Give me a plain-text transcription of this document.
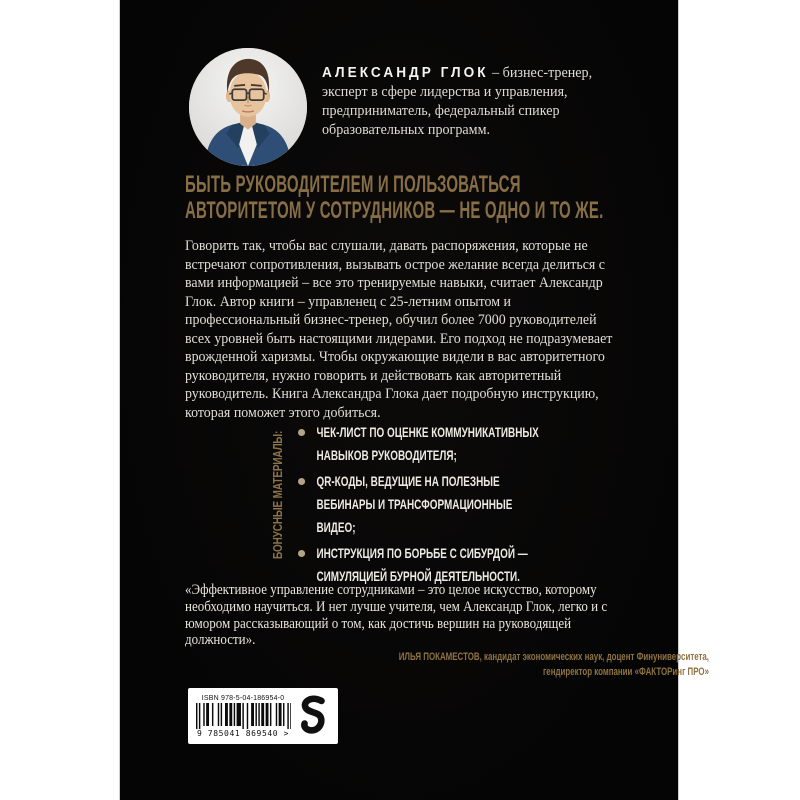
АЛЕКСАНДР ГЛОК – бизнес-тренер, эксперт в сфере лидерства и управления, предприниматель, федеральный спикер образовательных программ.
БЫТЬ РУКОВОДИТЕЛЕМ И ПОЛЬЗОВАТЬСЯ АВТОРИТЕТОМ У СОТРУДНИКОВ — НЕ ОДНО И ТО ЖЕ.
Говорить так, чтобы вас слушали, давать распоряжения, которые не встречают сопротивления, вызывать острое желание всегда делиться с вами информацией – все это тренируемые навыки, считает Александр Глок. Автор книги – управленец с 25-летним опытом и профессиональный бизнес-тренер, обучил более 7000 руководителей всех уровней быть настоящими лидерами. Его подход не подразумевает врожденной харизмы. Чтобы окружающие видели в вас авторитетного руководителя, нужно говорить и действовать как авторитетный руководитель. Книга Александра Глока дает подробную инструкцию, которая поможет этого добиться.
БОНУСНЫЕ МАТЕРИАЛЫ: ЧЕК-ЛИСТ ПО ОЦЕНКЕ КОММУНИКАТИВНЫХ НАВЫКОВ РУКОВОДИТЕЛЯ;
QR-КОДЫ, ВЕДУЩИЕ НА ПОЛЕЗНЫЕ ВЕБИНАРЫ И ТРАНСФОРМАЦИОННЫЕ ВИДЕО;
ИНСТРУКЦИЯ ПО БОРЬБЕ С СИБУРДОЙ — СИМУЛЯЦИЕЙ БУРНОЙ ДЕЯТЕЛЬНОСТИ.
«Эффективное управление сотрудниками – это целое искусство, которому необходимо научиться. И нет лучше учителя, чем Александр Глок, легко и с юмором рассказывающий о том, как достичь вершин на руководящей должности».
ИЛЬЯ ПОКАМЕСТОВ, кандидат экономических наук, доцент Финуниверситета,
гендиректор компании «ФАКТОРинг ПРО»
ISBN 978-5-04-186954-0
9 785041 869540 >
